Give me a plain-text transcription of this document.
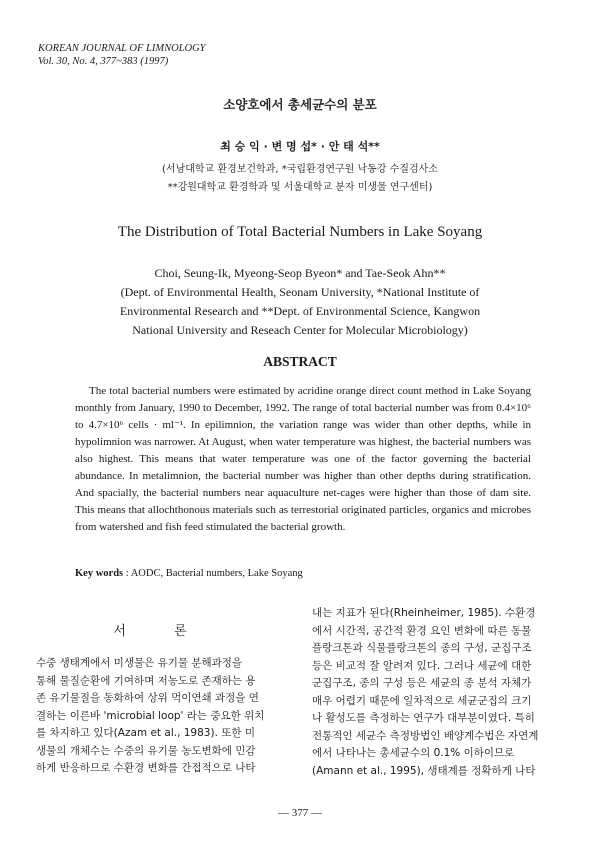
KOREAN JOURNAL OF LIMNOLOGY
Vol. 30, No. 4, 377~383 (1997)
소양호에서 총세균수의 분포
최 승 익 · 변 명 섭* · 안 태 석**
(서남대학교 환경보건학과, *국립환경연구원 낙동강 수질검사소
**강원대학교 환경학과 및 서울대학교 분자 미생물 연구센터)
The Distribution of Total Bacterial Numbers in Lake Soyang
Choi, Seung-Ik, Myeong-Seop Byeon* and Tae-Seok Ahn**
(Dept. of Environmental Health, Seonam University, *National Institute of
Environmental Research and **Dept. of Environmental Science, Kangwon
National University and Reseach Center for Molecular Microbiology)
ABSTRACT

The total bacterial numbers were estimated by acridine orange direct count method in Lake Soyang monthly from January, 1990 to December, 1992. The range of total bacterial number was from 0.4×10⁶ to 4.7×10⁶ cells · ml⁻¹. In epilimnion, the variation range was wider than other depths, while in hypolimnion was narrower. At August, when water temperature was highest, the bacterial numbers was also highest. This means that water temperature was one of the factor governing the bacterial abundance. In metalimnion, the bacterial number was higher than other depths during stratification. And spacially, the bacterial numbers near aquaculture net-cages were higher than those of dam site. This means that allochthonous materials such as terrestorial originated particles, organics and microbes from watershed and fish feed stimulated the bacterial growth.

Key words : AODC, Bacterial numbers, Lake Soyang
서 론
수중 생태계에서 미생물은 유기물 분해과정을
통해 물질순환에 기여하며 저농도로 존재하는 용
존 유기물질을 동화하여 상위 먹이연쇄 과정을 연
결하는 이른바 'microbial loop' 라는 중요한 위치
를 차지하고 있다(Azam et al., 1983). 또한 미
생물의 개체수는 수중의 유기물 농도변화에 민감
하게 반응하므로 수환경 변화를 간접적으로 나타
내는 지표가 된다(Rheinheimer, 1985). 수환경
에서 시간적, 공간적 환경 요인 변화에 따른 동물
플랑크톤과 식물플랑크톤의 종의 구성, 군집구조
등은 비교적 잘 알려져 있다. 그러나 세균에 대한
군집구조, 종의 구성 등은 세균의 종 분석 자체가
매우 어렵기 때문에 일차적으로 세균군집의 크기
나 활성도를 측정하는 연구가 대부분이였다. 특히
전통적인 세균수 측정방법인 배양계수법은 자연계
에서 나타나는 총세균수의 0.1% 이하이므로
(Amann et al., 1995), 생태계를 정확하게 나타
— 377 —
